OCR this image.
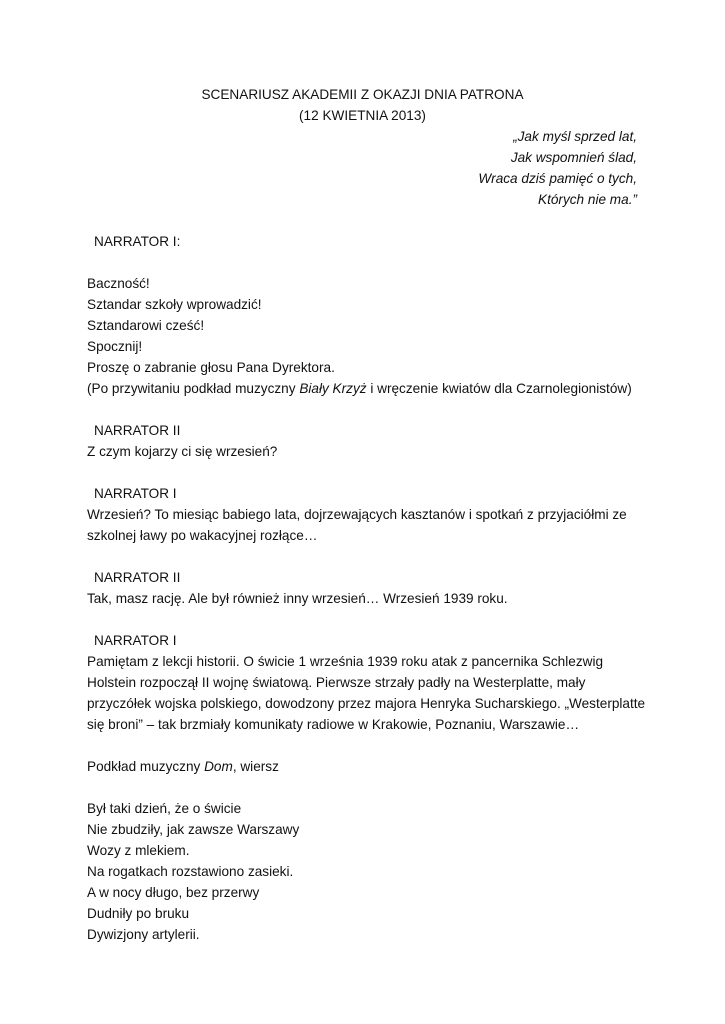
SCENARIUSZ AKADEMII Z OKAZJI DNIA PATRONA
(12 KWIETNIA 2013)
„Jak myśl sprzed lat,
Jak wspomnień ślad,
Wraca dziś pamięć o tych,
Których nie ma.”
NARRATOR I:
Baczność!
Sztandar szkoły wprowadzić!
Sztandarowi cześć!
Spocznij!
Proszę o zabranie głosu Pana Dyrektora.
(Po przywitaniu podkład muzyczny Biały Krzyż i wręczenie kwiatów dla Czarnolegionistów)
NARRATOR II
Z czym kojarzy ci się wrzesień?
NARRATOR I
Wrzesień? To miesiąc babiego lata, dojrzewających kasztanów i spotkań z przyjaciółmi ze
szkolnej ławy po wakacyjnej rozłące…
NARRATOR II
Tak, masz rację. Ale był również inny wrzesień… Wrzesień 1939 roku.
NARRATOR I
Pamiętam z lekcji historii. O świcie 1 września 1939 roku atak z pancernika Schlezwig
Holstein rozpoczął II wojnę światową. Pierwsze strzały padły na Westerplatte, mały
przyczółek wojska polskiego, dowodzony przez majora Henryka Sucharskiego. „Westerplatte
się broni” – tak brzmiały komunikaty radiowe w Krakowie, Poznaniu, Warszawie…
Podkład muzyczny Dom, wiersz
Był taki dzień, że o świcie
Nie zbudziły, jak zawsze Warszawy
Wozy z mlekiem.
Na rogatkach rozstawiono zasieki.
A w nocy długo, bez przerwy
Dudniły po bruku
Dywizjony artylerii.
